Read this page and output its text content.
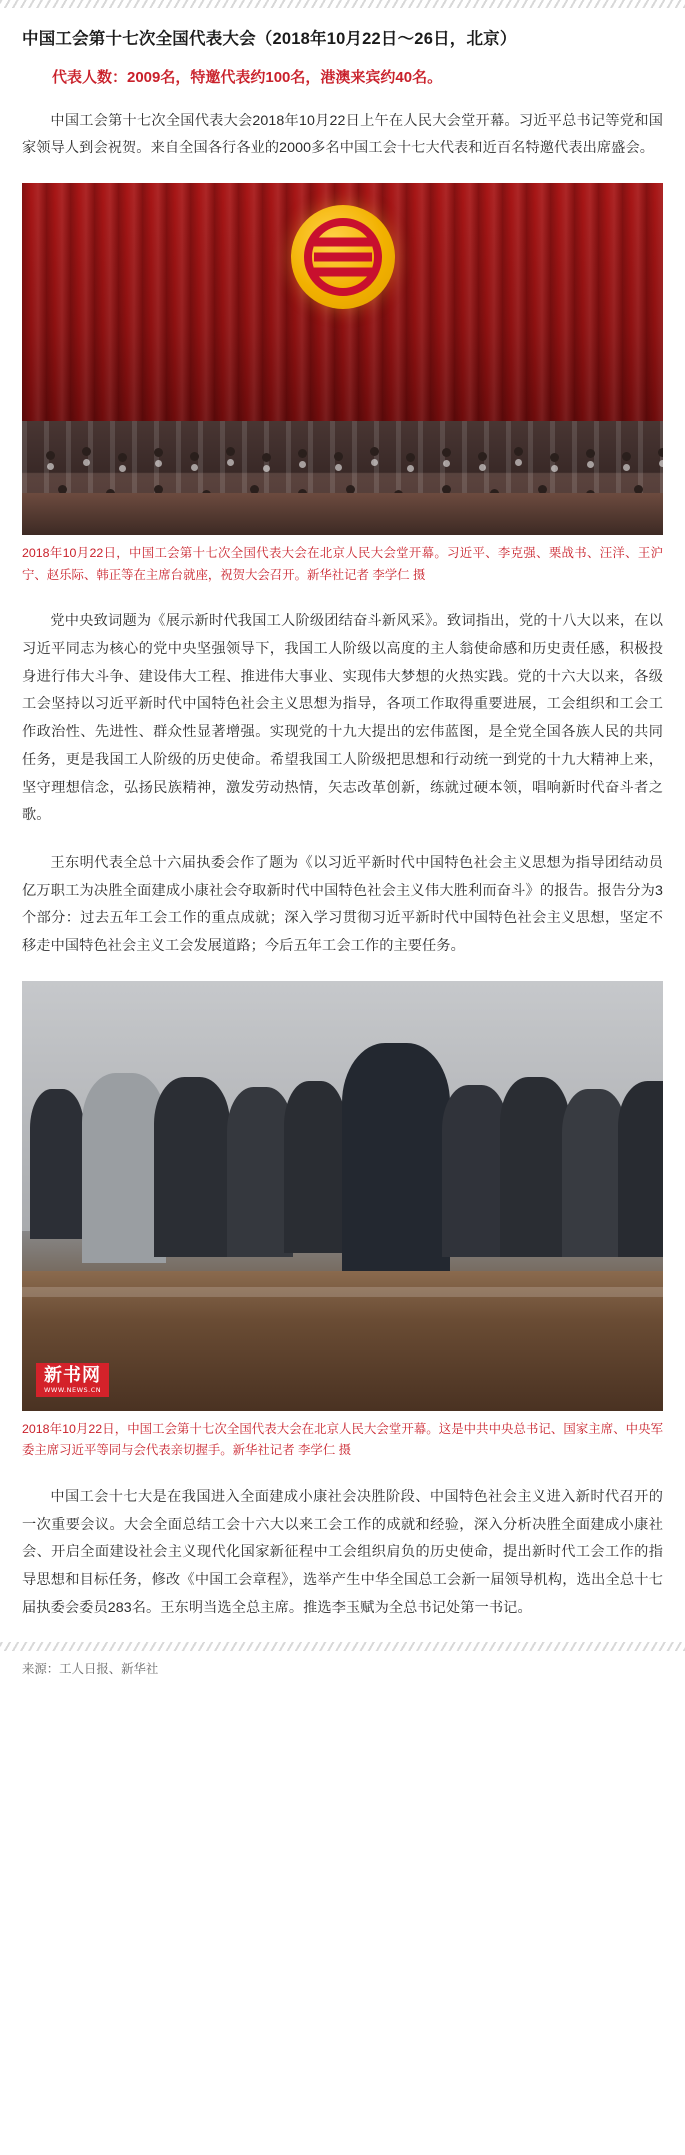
中国工会第十七次全国代表大会（2018年10月22日～26日，北京）

代表人数：2009名，特邀代表约100名，港澳来宾约40名。

中国工会第十七次全国代表大会2018年10月22日上午在人民大会堂开幕。习近平总书记等党和国家领导人到会祝贺。来自全国各行各业的2000多名中国工会十七大代表和近百名特邀代表出席盛会。

2018年10月22日，中国工会第十七次全国代表大会在北京人民大会堂开幕。习近平、李克强、栗战书、汪洋、王沪宁、赵乐际、韩正等在主席台就座，祝贺大会召开。新华社记者 李学仁 摄

党中央致词题为《展示新时代我国工人阶级团结奋斗新风采》。致词指出，党的十八大以来，在以习近平同志为核心的党中央坚强领导下，我国工人阶级以高度的主人翁使命感和历史责任感，积极投身进行伟大斗争、建设伟大工程、推进伟大事业、实现伟大梦想的火热实践。党的十六大以来，各级工会坚持以习近平新时代中国特色社会主义思想为指导，各项工作取得重要进展，工会组织和工会工作政治性、先进性、群众性显著增强。实现党的十九大提出的宏伟蓝图，是全党全国各族人民的共同任务，更是我国工人阶级的历史使命。希望我国工人阶级把思想和行动统一到党的十九大精神上来，坚守理想信念，弘扬民族精神，激发劳动热情，矢志改革创新，练就过硬本领，唱响新时代奋斗者之歌。

王东明代表全总十六届执委会作了题为《以习近平新时代中国特色社会主义思想为指导团结动员亿万职工为决胜全面建成小康社会夺取新时代中国特色社会主义伟大胜利而奋斗》的报告。报告分为3个部分：过去五年工会工作的重点成就；深入学习贯彻习近平新时代中国特色社会主义思想，坚定不移走中国特色社会主义工会发展道路；今后五年工会工作的主要任务。

新书网
WWW.NEWS.CN

2018年10月22日，中国工会第十七次全国代表大会在北京人民大会堂开幕。这是中共中央总书记、国家主席、中央军委主席习近平等同与会代表亲切握手。新华社记者 李学仁 摄

中国工会十七大是在我国进入全面建成小康社会决胜阶段、中国特色社会主义进入新时代召开的一次重要会议。大会全面总结工会十六大以来工会工作的成就和经验，深入分析决胜全面建成小康社会、开启全面建设社会主义现代化国家新征程中工会组织肩负的历史使命，提出新时代工会工作的指导思想和目标任务，修改《中国工会章程》，选举产生中华全国总工会新一届领导机构，选出全总十七届执委会委员283名。王东明当选全总主席。推选李玉赋为全总书记处第一书记。

来源：工人日报、新华社
